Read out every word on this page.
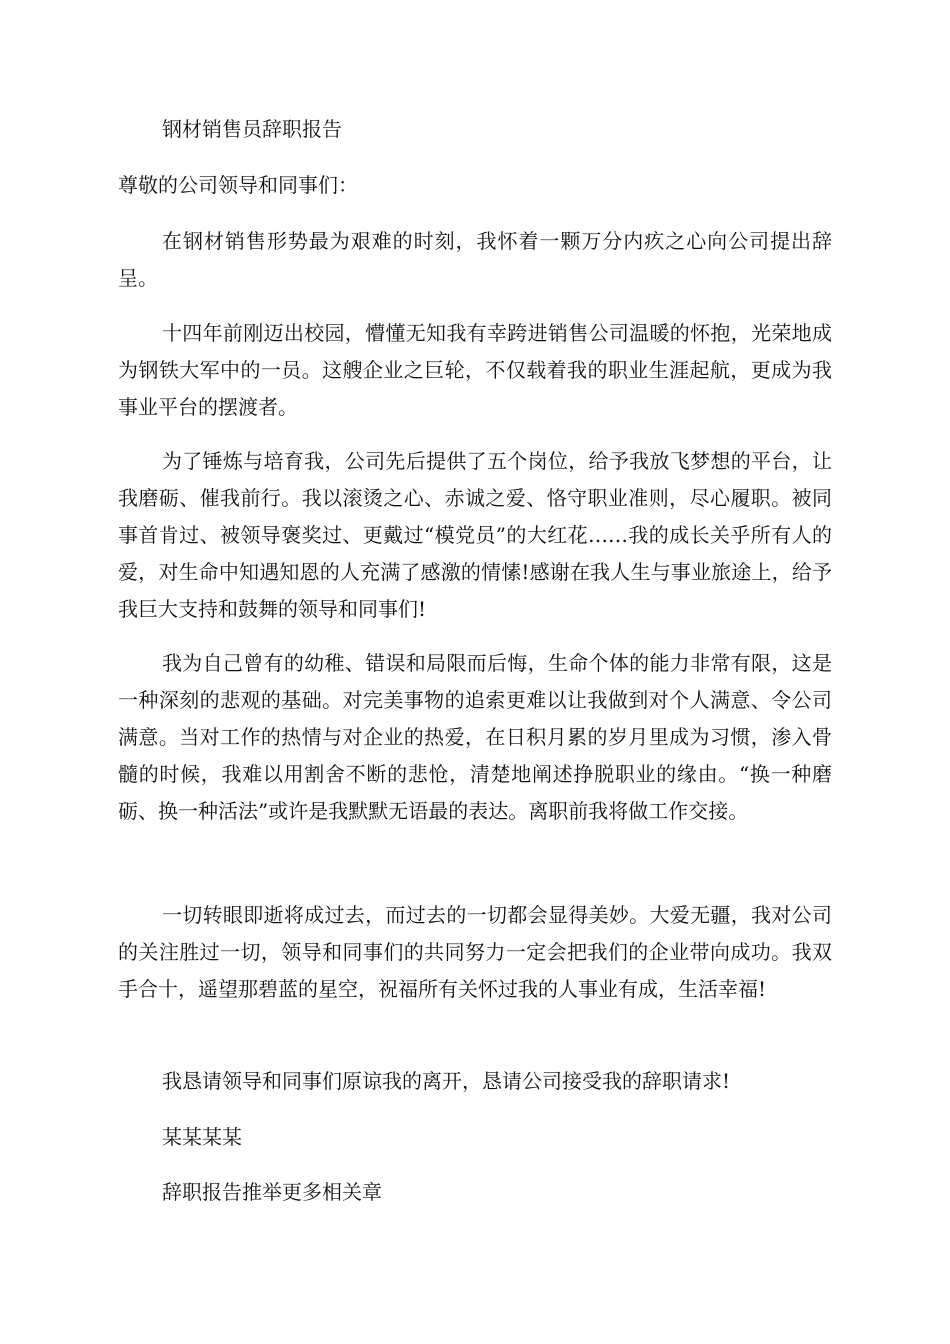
钢材销售员辞职报告
尊敬的公司领导和同事们：

在钢材销售形势最为艰难的时刻，我怀着一颗万分内疚之心向公司提出辞呈。

十四年前刚迈出校园，懵懂无知我有幸跨进销售公司温暖的怀抱，光荣地成为钢铁大军中的一员。这艘企业之巨轮，不仅载着我的职业生涯起航，更成为我事业平台的摆渡者。

为了锤炼与培育我，公司先后提供了五个岗位，给予我放飞梦想的平台，让我磨砺、催我前行。我以滚烫之心、赤诚之爱、恪守职业准则，尽心履职。被同事首肯过、被领导褒奖过、更戴过“模党员”的大红花……我的成长关乎所有人的爱，对生命中知遇知恩的人充满了感激的情愫!感谢在我人生与事业旅途上，给予我巨大支持和鼓舞的领导和同事们!

我为自己曾有的幼稚、错误和局限而后悔，生命个体的能力非常有限，这是一种深刻的悲观的基础。对完美事物的追索更难以让我做到对个人满意、令公司满意。当对工作的热情与对企业的热爱，在日积月累的岁月里成为习惯，渗入骨髓的时候，我难以用割舍不断的悲怆，清楚地阐述挣脱职业的缘由。“换一种磨砺、换一种活法”或许是我默默无语最的表达。离职前我将做工作交接。

一切转眼即逝将成过去，而过去的一切都会显得美妙。大爱无疆，我对公司的关注胜过一切，领导和同事们的共同努力一定会把我们的企业带向成功。我双手合十，遥望那碧蓝的星空，祝福所有关怀过我的人事业有成，生活幸福!

我恳请领导和同事们原谅我的离开，恳请公司接受我的辞职请求!

某某某某
辞职报告推举更多相关章
